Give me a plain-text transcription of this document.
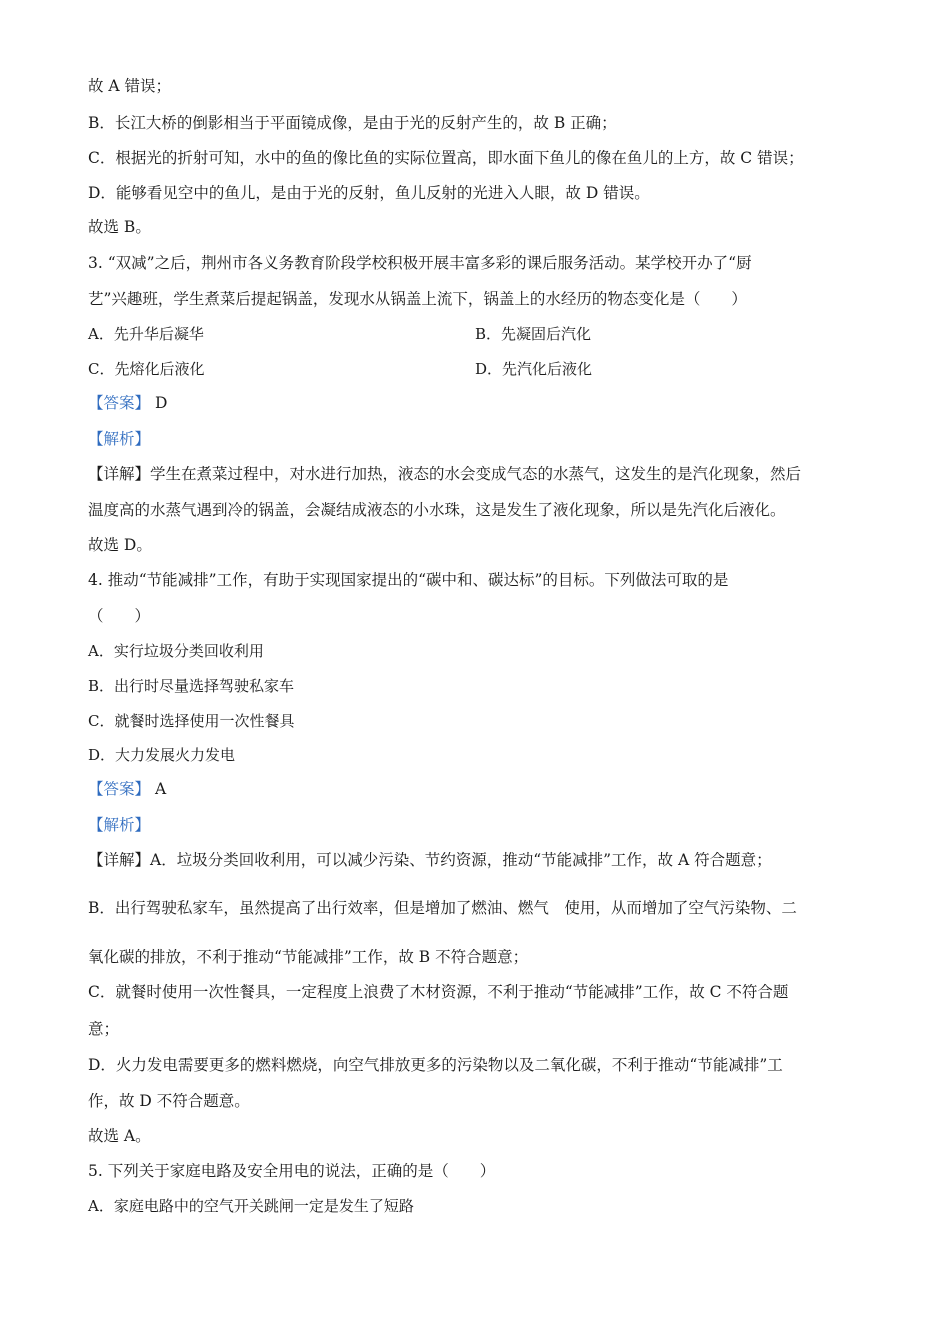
故 A 错误；
B．长江大桥的倒影相当于平面镜成像，是由于光的反射产生的，故 B 正确；
C．根据光的折射可知，水中的鱼的像比鱼的实际位置高，即水面下鱼儿的像在鱼儿的上方，故 C 错误；
D．能够看见空中的鱼儿，是由于光的反射，鱼儿反射的光进入人眼，故 D 错误。
故选 B。
3. “双减”之后，荆州市各义务教育阶段学校积极开展丰富多彩的课后服务活动。某学校开办了“厨
艺”兴趣班，学生煮菜后提起锅盖，发现水从锅盖上流下，锅盖上的水经历的物态变化是（　　）
A．先升华后凝华	B．先凝固后汽化
C．先熔化后液化	D．先汽化后液化
【答案】 D
【解析】
【详解】学生在煮菜过程中，对水进行加热，液态的水会变成气态的水蒸气，这发生的是汽化现象，然后
温度高的水蒸气遇到冷的锅盖，会凝结成液态的小水珠，这是发生了液化现象，所以是先汽化后液化。
故选 D。
4. 推动“节能减排”工作，有助于实现国家提出的“碳中和、碳达标”的目标。下列做法可取的是
（　　）
A．实行垃圾分类回收利用
B．出行时尽量选择驾驶私家车
C．就餐时选择使用一次性餐具
D．大力发展火力发电
【答案】 A
【解析】
【详解】A．垃圾分类回收利用，可以减少污染、节约资源，推动“节能减排”工作，故 A 符合题意；
B．出行驾驶私家车，虽然提高了出行效率，但是增加了燃油、燃气　使用，从而增加了空气污染物、二
氧化碳的排放，不利于推动“节能减排”工作，故 B 不符合题意；
C．就餐时使用一次性餐具，一定程度上浪费了木材资源，不利于推动“节能减排”工作，故 C 不符合题
意；
D．火力发电需要更多的燃料燃烧，向空气排放更多的污染物以及二氧化碳，不利于推动“节能减排”工
作，故 D 不符合题意。
故选 A。
5. 下列关于家庭电路及安全用电的说法，正确的是（　　）
A．家庭电路中的空气开关跳闸一定是发生了短路
